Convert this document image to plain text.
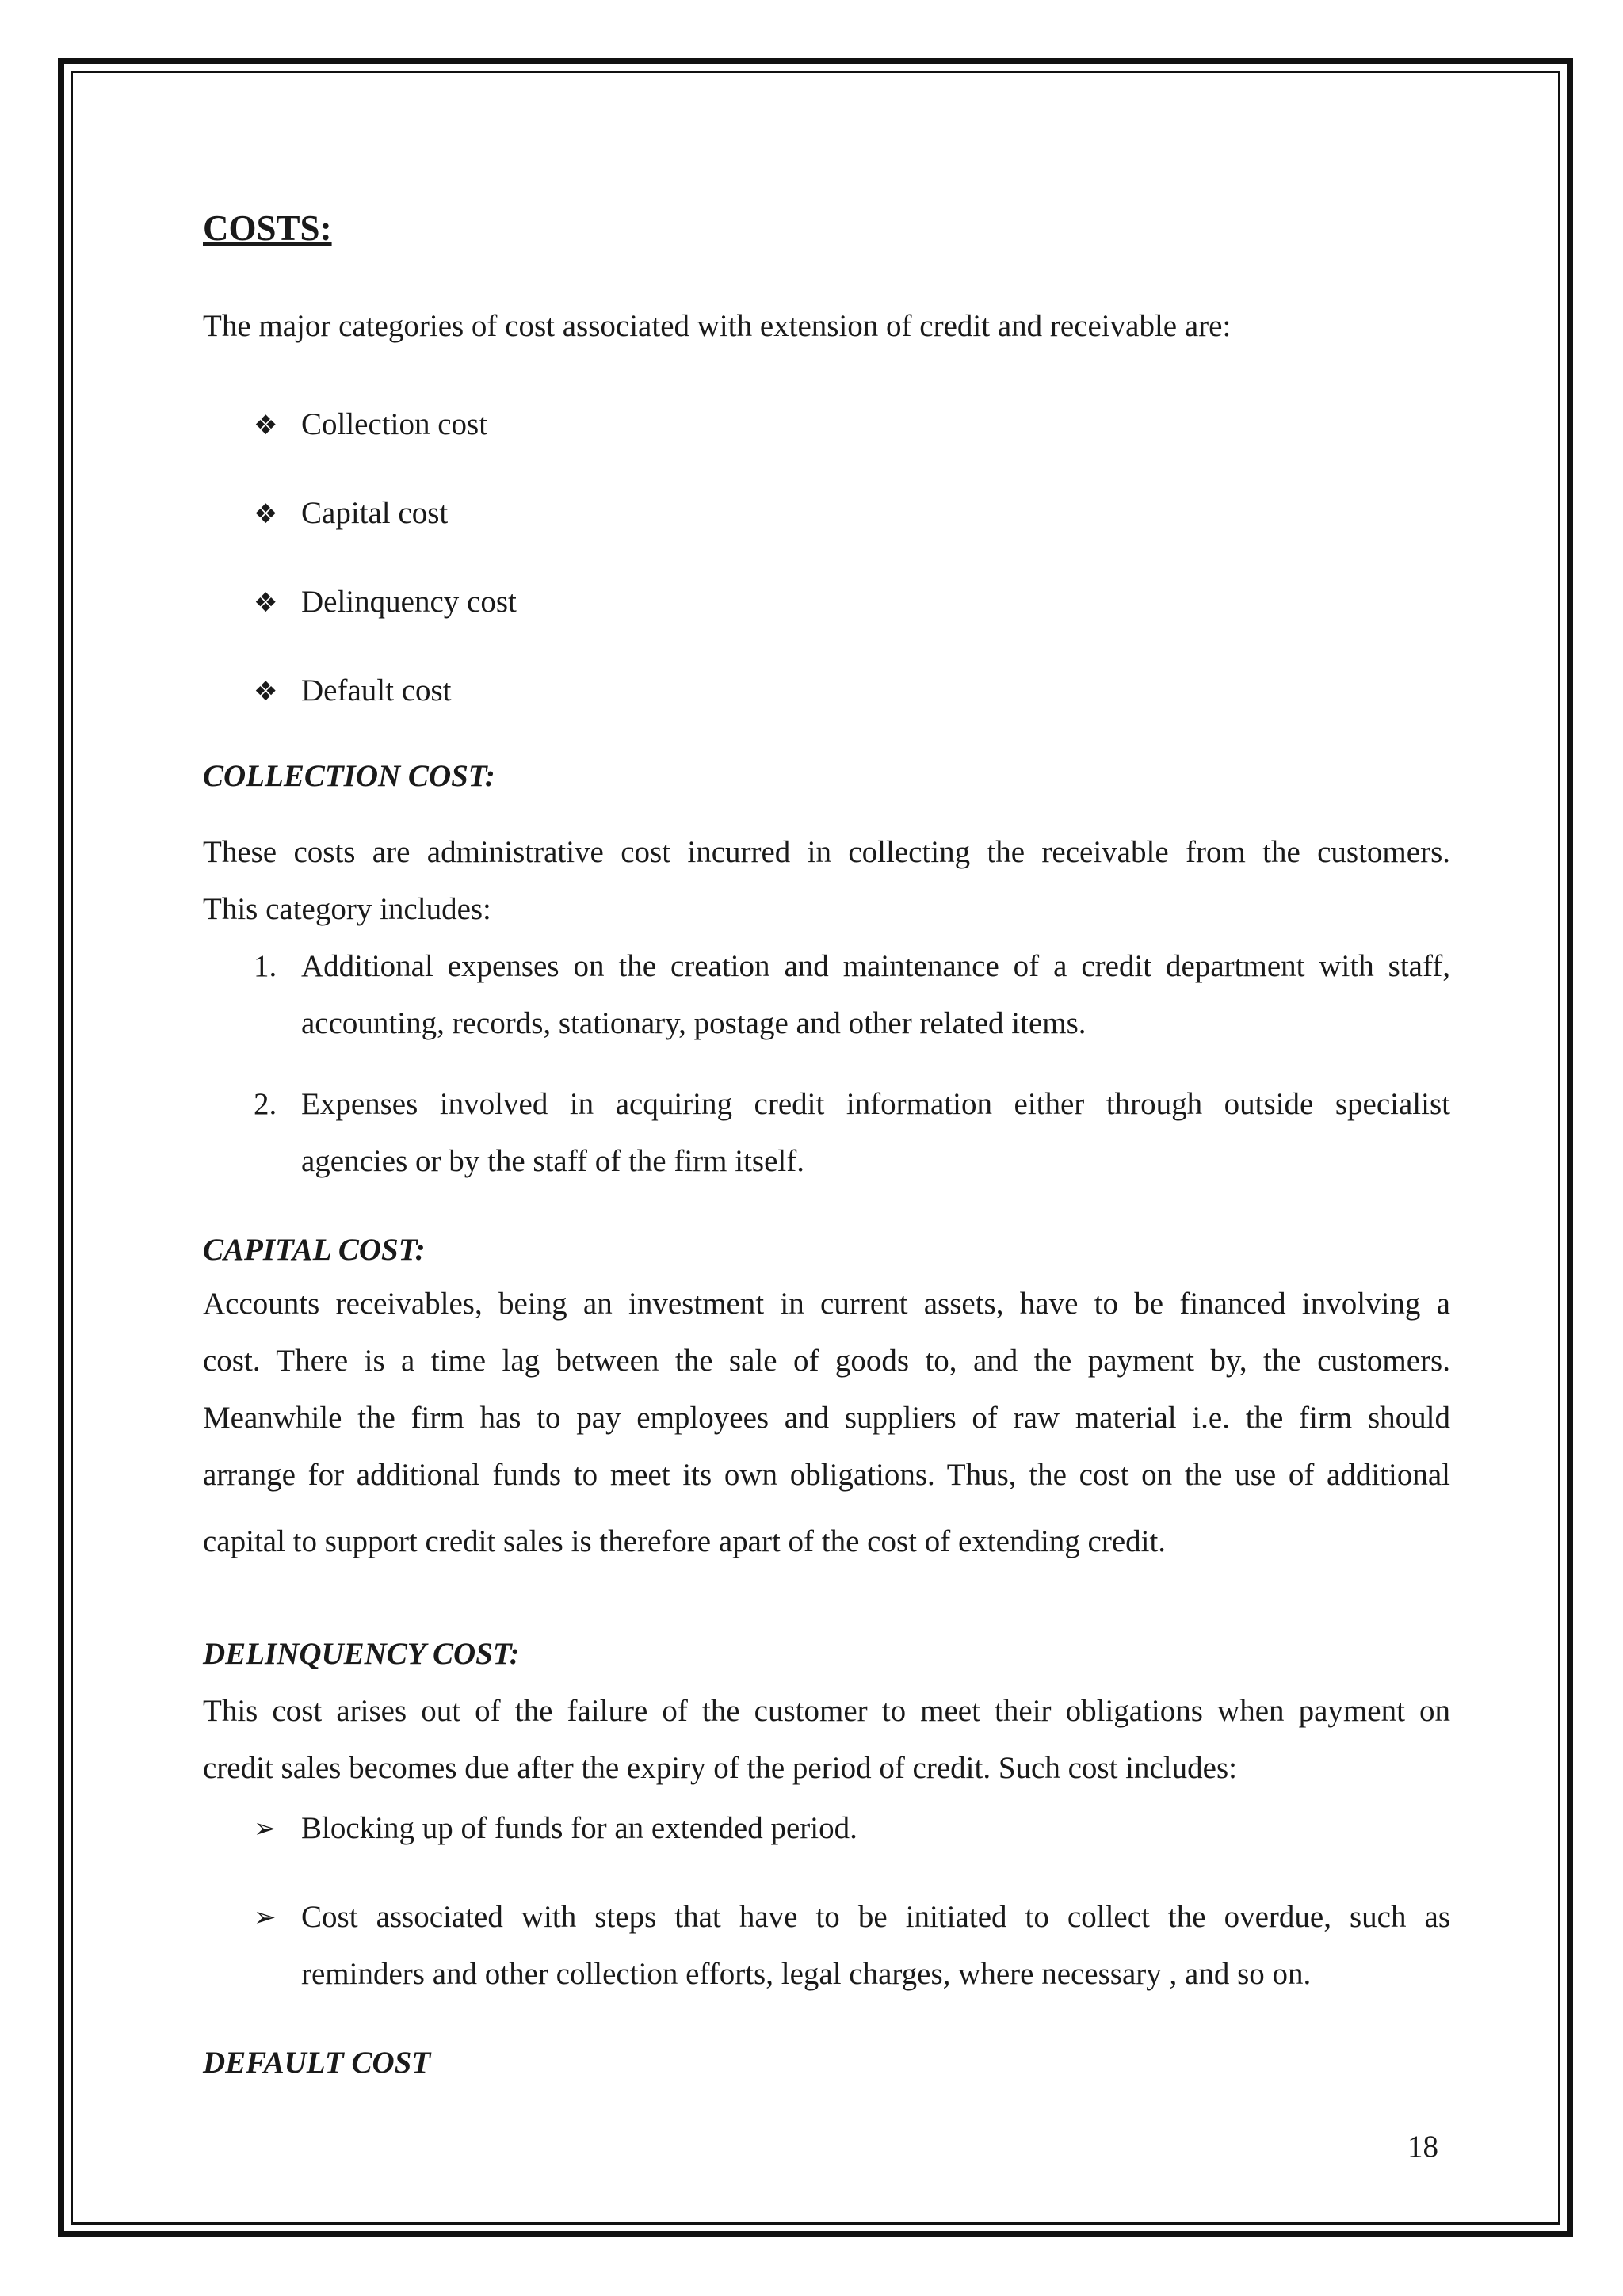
COSTS:
The major categories of cost associated with extension of credit and receivable are:
❖ Collection cost
❖ Capital cost
❖ Delinquency cost
❖ Default cost
COLLECTION COST:
These costs are administrative cost incurred in collecting the receivable from the customers.
This category includes:
1. Additional expenses on the creation and maintenance of a credit department with staff,
accounting, records, stationary, postage and other related items.
2. Expenses involved in acquiring credit information either through outside specialist
agencies or by the staff of the firm itself.
CAPITAL COST:
Accounts receivables, being an investment in current assets, have to be financed involving a
cost. There is a time lag between the sale of goods to, and the payment by, the customers.
Meanwhile the firm has to pay employees and suppliers of raw material i.e. the firm should
arrange for additional funds to meet its own obligations. Thus, the cost on the use of additional
capital to support credit sales is therefore apart of the cost of extending credit.
DELINQUENCY COST:
This cost arises out of the failure of the customer to meet their obligations when payment on
credit sales becomes due after the expiry of the period of credit. Such cost includes:
➢ Blocking up of funds for an extended period.
➢ Cost associated with steps that have to be initiated to collect the overdue, such as
reminders and other collection efforts, legal charges, where necessary , and so on.
DEFAULT COST
18
